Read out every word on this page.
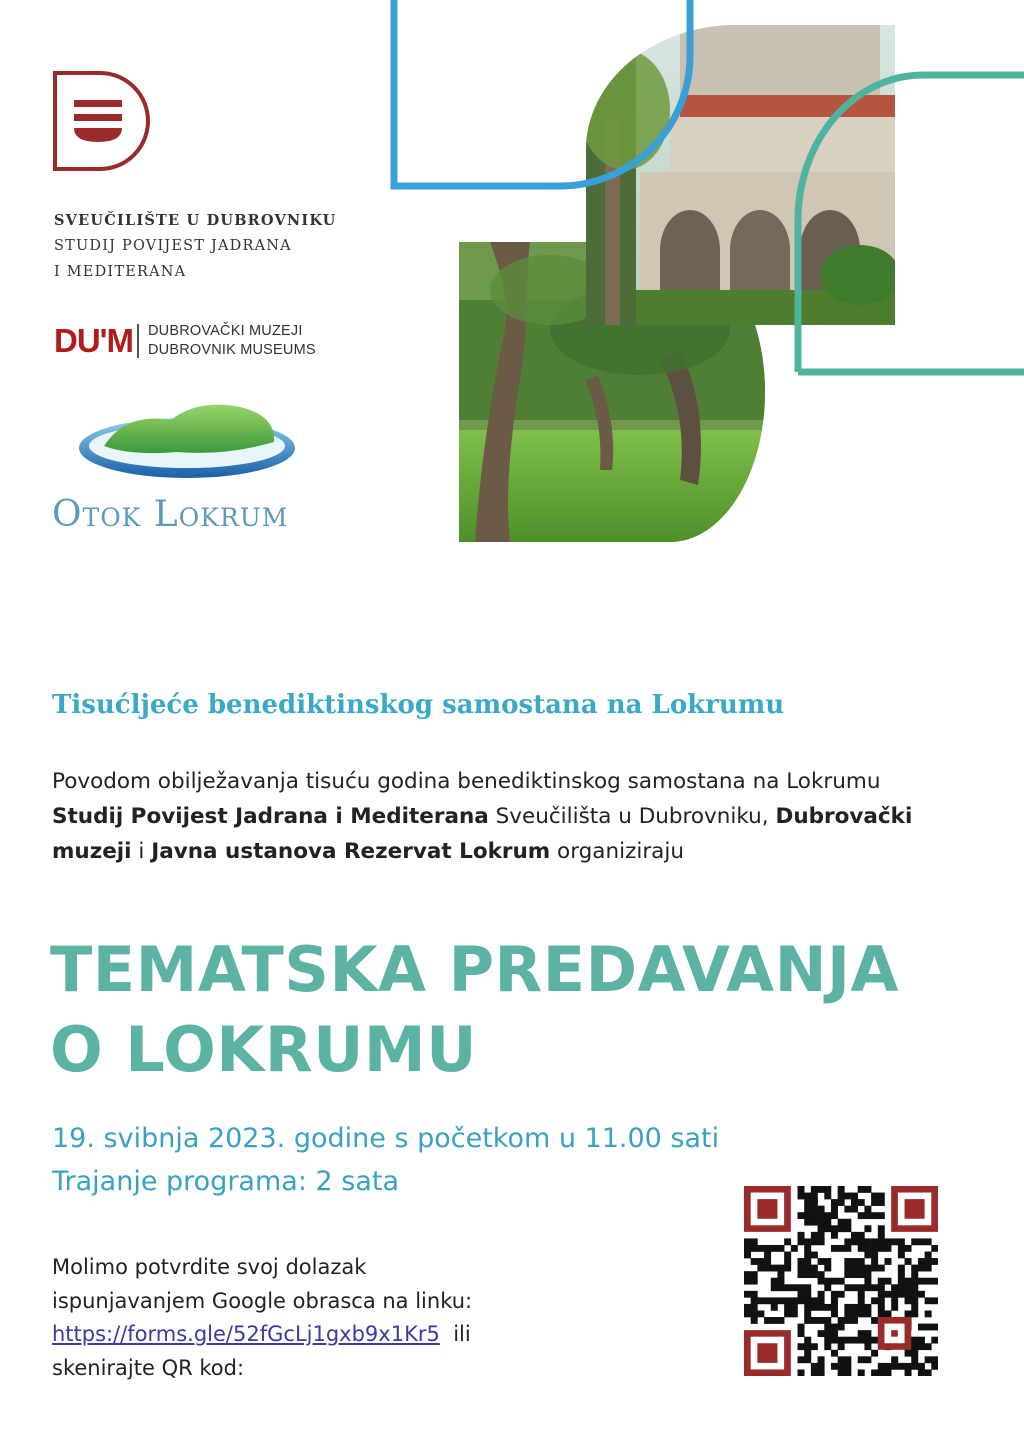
SVEUČILIŠTE U DUBROVNIKU
STUDIJ POVIJEST JADRANA
I MEDITERANA
DU'M DUBROVAČKI MUZEJI
DUBROVNIK MUSEUMS
Otok Lokrum
Tisućljeće benediktinskog samostana na Lokrumu
Povodom obilježavanja tisuću godina benediktinskog samostana na Lokrumu Studij Povijest Jadrana i Mediterana Sveučilišta u Dubrovniku, Dubrovački muzeji i Javna ustanova Rezervat Lokrum organiziraju
TEMATSKA PREDAVANJA
O LOKRUMU
19. svibnja 2023. godine s početkom u 11.00 sati
Trajanje programa: 2 sata
Molimo potvrdite svoj dolazak
ispunjavanjem Google obrasca na linku:
https://forms.gle/52fGcLj1gxb9x1Kr5  ili
skenirajte QR kod:
